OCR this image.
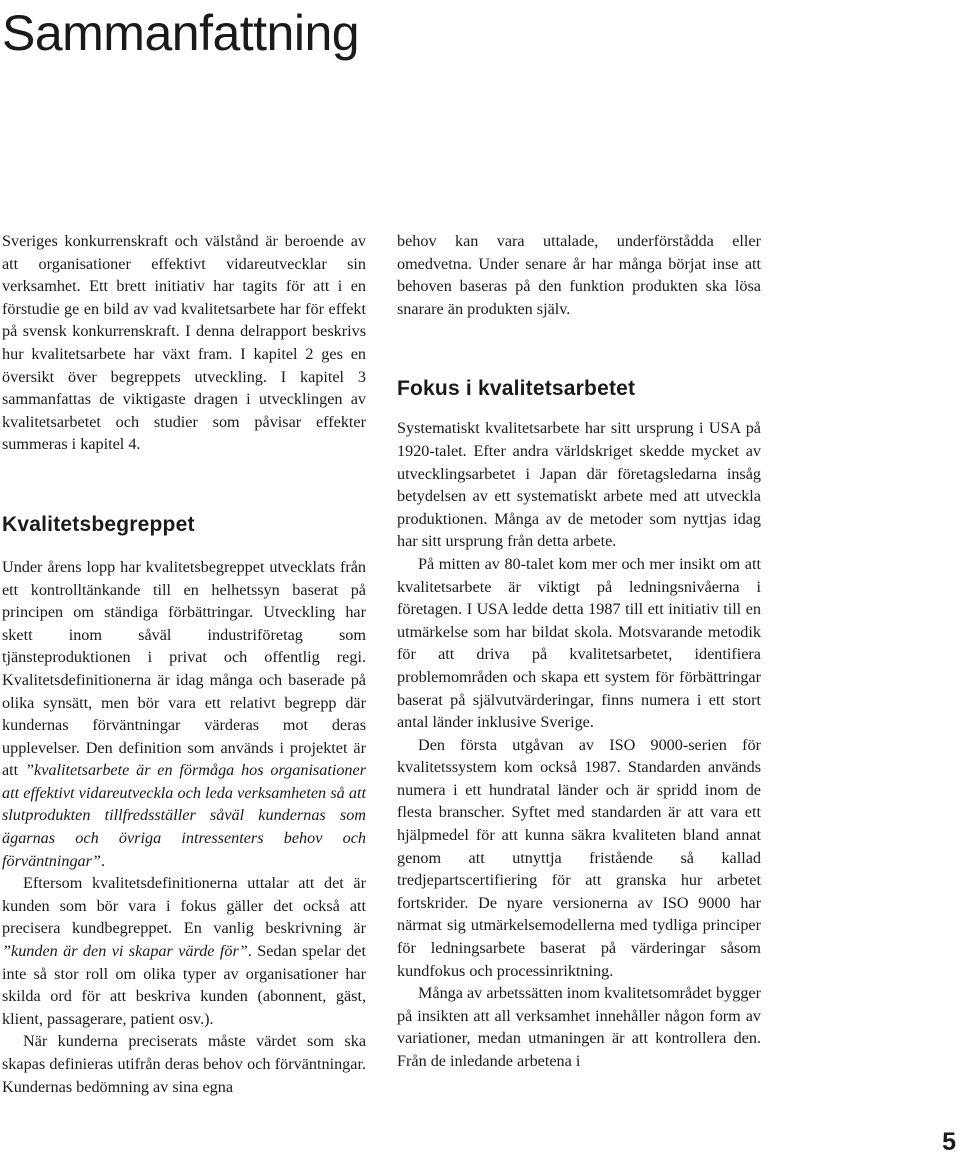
Sammanfattning

Sveriges konkurrenskraft och välstånd är beroende av att organisationer effektivt vidareutvecklar sin verksamhet. Ett brett initiativ har tagits för att i en förstudie ge en bild av vad kvalitetsarbete har för effekt på svensk konkurrenskraft. I denna delrapport beskrivs hur kvalitetsarbete har växt fram. I kapitel 2 ges en översikt över begreppets utveckling. I kapitel 3 sammanfattas de viktigaste dragen i utvecklingen av kvalitetsarbetet och studier som påvisar effekter summeras i kapitel 4.

Kvalitetsbegreppet

Under årens lopp har kvalitetsbegreppet utvecklats från ett kontrolltänkande till en helhetssyn baserat på principen om ständiga förbättringar. Utveckling har skett inom såväl industriföretag som tjänsteproduktionen i privat och offentlig regi. Kvalitetsdefinitionerna är idag många och baserade på olika synsätt, men bör vara ett relativt begrepp där kundernas förväntningar värderas mot deras upplevelser. Den definition som används i projektet är att ”kvalitetsarbete är en förmåga hos organisationer att effektivt vidareutveckla och leda verksamheten så att slutprodukten tillfredsställer såväl kundernas som ägarnas och övriga intressenters behov och förväntningar”.

Eftersom kvalitetsdefinitionerna uttalar att det är kunden som bör vara i fokus gäller det också att precisera kundbegreppet. En vanlig beskrivning är ”kunden är den vi skapar värde för”. Sedan spelar det inte så stor roll om olika typer av organisationer har skilda ord för att beskriva kunden (abonnent, gäst, klient, passagerare, patient osv.).

När kunderna preciserats måste värdet som ska skapas definieras utifrån deras behov och förväntningar. Kundernas bedömning av sina egna

behov kan vara uttalade, underförstådda eller omedvetna. Under senare år har många börjat inse att behoven baseras på den funktion produkten ska lösa snarare än produkten själv.

Fokus i kvalitetsarbetet

Systematiskt kvalitetsarbete har sitt ursprung i USA på 1920-talet. Efter andra världskriget skedde mycket av utvecklingsarbetet i Japan där företagsledarna insåg betydelsen av ett systematiskt arbete med att utveckla produktionen. Många av de metoder som nyttjas idag har sitt ursprung från detta arbete.

På mitten av 80-talet kom mer och mer insikt om att kvalitetsarbete är viktigt på ledningsnivåerna i företagen. I USA ledde detta 1987 till ett initiativ till en utmärkelse som har bildat skola. Motsvarande metodik för att driva på kvalitetsarbetet, identifiera problemområden och skapa ett system för förbättringar baserat på självutvärderingar, finns numera i ett stort antal länder inklusive Sverige.

Den första utgåvan av ISO 9000-serien för kvalitetssystem kom också 1987. Standarden används numera i ett hundratal länder och är spridd inom de flesta branscher. Syftet med standarden är att vara ett hjälpmedel för att kunna säkra kvaliteten bland annat genom att utnyttja fristående så kallad tredjepartscertifiering för att granska hur arbetet fortskrider. De nyare versionerna av ISO 9000 har närmat sig utmärkelsemodellerna med tydliga principer för ledningsarbete baserat på värderingar såsom kundfokus och processinriktning.

Många av arbetssätten inom kvalitetsområdet bygger på insikten att all verksamhet innehåller någon form av variationer, medan utmaningen är att kontrollera den. Från de inledande arbetena i

5
